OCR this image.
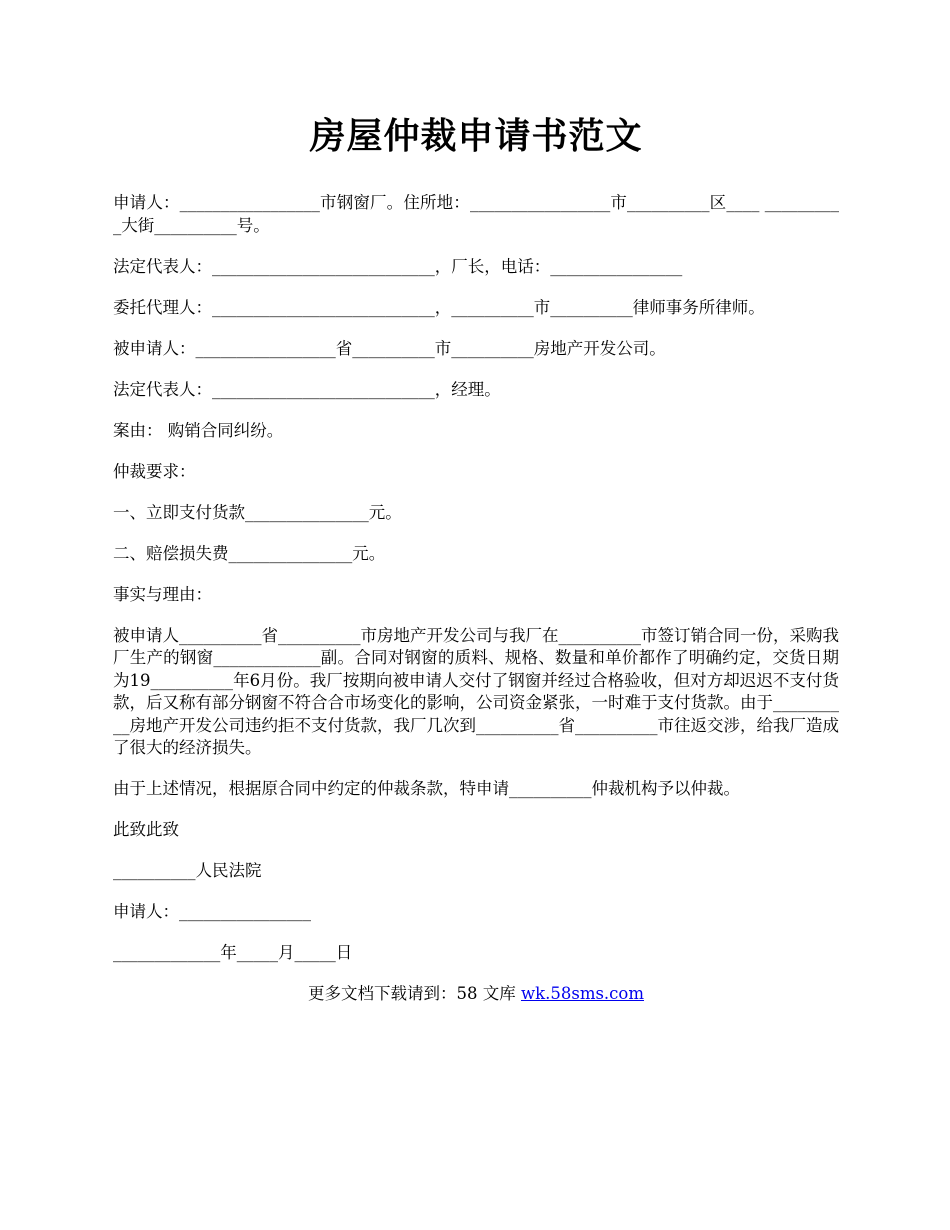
房屋仲裁申请书范文

申请人：_________________市钢窗厂。住所地：_________________市__________区____ __________大街__________号。

法定代表人：___________________________，厂长，电话：________________

委托代理人：___________________________，__________市__________律师事务所律师。

被申请人：_________________省__________市__________房地产开发公司。

法定代表人：___________________________，经理。

案由： 购销合同纠纷。

仲裁要求：

一、立即支付货款_______________元。

二、赔偿损失费_______________元。

事实与理由：

被申请人__________省__________市房地产开发公司与我厂在__________市签订销合同一份，采购我厂生产的钢窗_____________副。合同对钢窗的质料、规格、数量和单价都作了明确约定，交货日期为19__________年6月份。我厂按期向被申请人交付了钢窗并经过合格验收，但对方却迟迟不支付货款，后又称有部分钢窗不符合合市场变化的影响，公司资金紧张，一时难于支付货款。由于__________房地产开发公司违约拒不支付货款，我厂几次到__________省__________市往返交涉，给我厂造成了很大的经济损失。

由于上述情况，根据原合同中约定的仲裁条款，特申请__________仲裁机构予以仲裁。

此致此致

__________人民法院

申请人：________________

_____________年_____月_____日

更多文档下载请到：58 文库 wk.58sms.com
